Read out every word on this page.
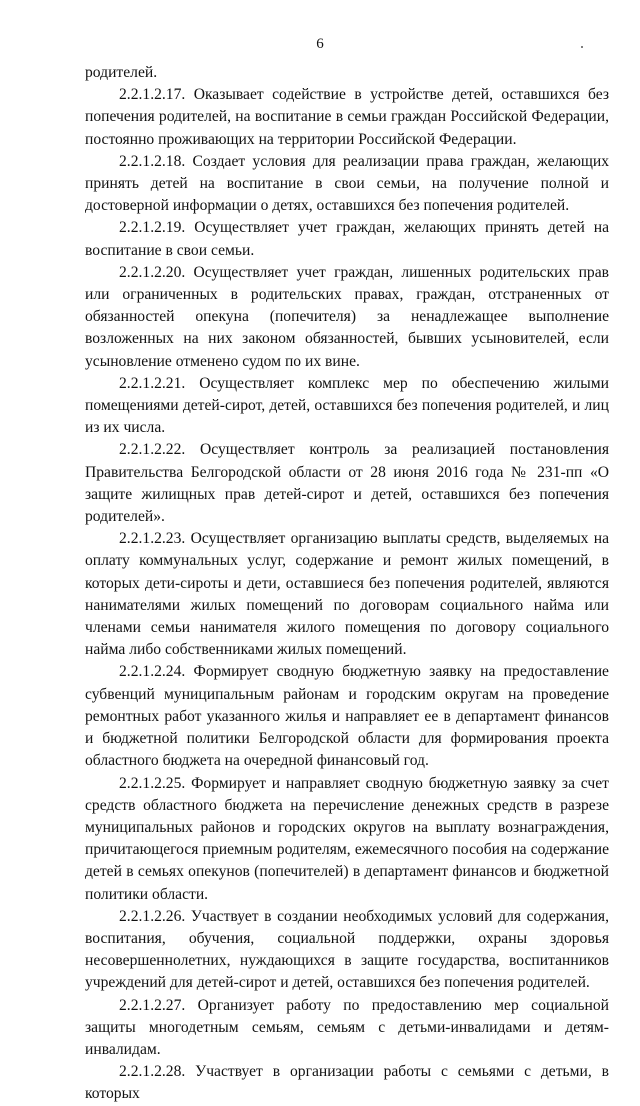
6

родителей.

2.2.1.2.17. Оказывает содействие в устройстве детей, оставшихся без попечения родителей, на воспитание в семьи граждан Российской Федерации, постоянно проживающих на территории Российской Федерации.

2.2.1.2.18. Создает условия для реализации права граждан, желающих принять детей на воспитание в свои семьи, на получение полной и достоверной информации о детях, оставшихся без попечения родителей.

2.2.1.2.19. Осуществляет учет граждан, желающих принять детей на воспитание в свои семьи.

2.2.1.2.20. Осуществляет учет граждан, лишенных родительских прав или ограниченных в родительских правах, граждан, отстраненных от обязанностей опекуна (попечителя) за ненадлежащее выполнение возложенных на них законом обязанностей, бывших усыновителей, если усыновление отменено судом по их вине.

2.2.1.2.21. Осуществляет комплекс мер по обеспечению жилыми помещениями детей-сирот, детей, оставшихся без попечения родителей, и лиц из их числа.

2.2.1.2.22. Осуществляет контроль за реализацией постановления Правительства Белгородской области от 28 июня 2016 года № 231-пп «О защите жилищных прав детей-сирот и детей, оставшихся без попечения родителей».

2.2.1.2.23. Осуществляет организацию выплаты средств, выделяемых на оплату коммунальных услуг, содержание и ремонт жилых помещений, в которых дети-сироты и дети, оставшиеся без попечения родителей, являются нанимателями жилых помещений по договорам социального найма или членами семьи нанимателя жилого помещения по договору социального найма либо собственниками жилых помещений.

2.2.1.2.24. Формирует сводную бюджетную заявку на предоставление субвенций муниципальным районам и городским округам на проведение ремонтных работ указанного жилья и направляет ее в департамент финансов и бюджетной политики Белгородской области для формирования проекта областного бюджета на очередной финансовый год.

2.2.1.2.25. Формирует и направляет сводную бюджетную заявку за счет средств областного бюджета на перечисление денежных средств в разрезе муниципальных районов и городских округов на выплату вознаграждения, причитающегося приемным родителям, ежемесячного пособия на содержание детей в семьях опекунов (попечителей) в департамент финансов и бюджетной политики области.

2.2.1.2.26. Участвует в создании необходимых условий для содержания, воспитания, обучения, социальной поддержки, охраны здоровья несовершеннолетних, нуждающихся в защите государства, воспитанников учреждений для детей-сирот и детей, оставшихся без попечения родителей.

2.2.1.2.27. Организует работу по предоставлению мер социальной защиты многодетным семьям, семьям с детьми-инвалидами и детям-инвалидам.

2.2.1.2.28. Участвует в организации работы с семьями с детьми, в которых
